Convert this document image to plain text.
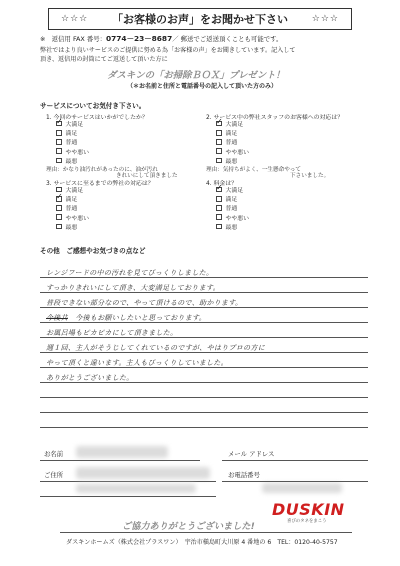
☆☆☆ 「お客様のお声」をお聞かせ下さい	☆☆☆
※　返信用 FAX 番号：0774－23－8687／ 郵送でご返送頂くことも可能です。
弊社ではより良いサービスのご提供に努める為「お客様の声」をお聞きしています。記入して
頂き、返信用の封筒にてご返送して頂いた方に
ダスキンの「お掃除ＢＯＸ」プレゼント！
（＊お名前と住所と電話番号の記入して頂いた方のみ）
サービスについてお気付き下さい。
1. 今回のサービスはいかがでしたか？
✓
大満足
満足
普通
やや悪い
最悪
理由：かなり油汚れがあったのに、油が汚れ
きれいにして頂きました
2. サービス中の弊社スタッフのお客様への対応は？
✓
大満足
満足
普通
やや悪い
最悪
理由：気持ちがよく、一生懸命やって
下さいました。
3. サービスに至るまでの弊社の対応は？
大満足
✓
満足
普通
やや悪い
最悪
4. 料金は？
✓
大満足
満足
普通
やや悪い
最悪
その他　ご感想やお気づきの点など
レンジフードの中の汚れを見てびっくりしました。
すっかりきれいにして頂き、大変満足しております。
普段できない部分なので、やって頂けるので、助かります。
今後共　 今後もお願いしたいと思っております。
お風呂場もピカピカにして頂きました。
週１回、主人がそうじしてくれているのですが、やはりプロの方に
やって頂くと違います。主人もびっくりしていました。
ありがとうございました。
お名前	メール アドレス
ご住所	お電話番号
DUSKIN
喜びのタネをまこう
ご協力ありがとうございました!
ダスキンホームズ（株式会社プラスワン）　宇治市槇島町大川原 4 番地の 6　TEL：0120-40-5757
